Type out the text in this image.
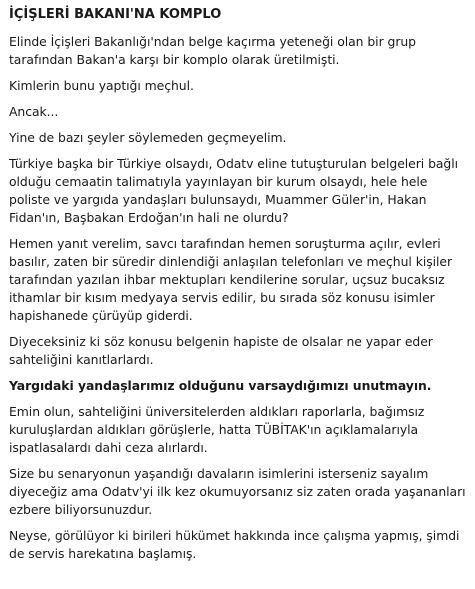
İÇİŞLERİ BAKANI'NA KOMPLO

Elinde İçişleri Bakanlığı'ndan belge kaçırma yeteneği olan bir grup
tarafından Bakan'a karşı bir komplo olarak üretilmişti.

Kimlerin bunu yaptığı meçhul.

Ancak...

Yine de bazı şeyler söylemeden geçmeyelim.

Türkiye başka bir Türkiye olsaydı, Odatv eline tutuşturulan belgeleri bağlı
olduğu cemaatin talimatıyla yayınlayan bir kurum olsaydı, hele hele
poliste ve yargıda yandaşları bulunsaydı, Muammer Güler'in, Hakan
Fidan'ın, Başbakan Erdoğan'ın hali ne olurdu?

Hemen yanıt verelim, savcı tarafından hemen soruşturma açılır, evleri
basılır, zaten bir süredir dinlendiği anlaşılan telefonları ve meçhul kişiler
tarafından yazılan ihbar mektupları kendilerine sorular, uçsuz bucaksız
ithamlar bir kısım medyaya servis edilir, bu sırada söz konusu isimler
hapishanede çürüyüp giderdi.

Diyeceksiniz ki söz konusu belgenin hapiste de olsalar ne yapar eder
sahteliğini kanıtlarlardı.

Yargıdaki yandaşlarımız olduğunu varsaydığımızı unutmayın.

Emin olun, sahteliğini üniversitelerden aldıkları raporlarla, bağımsız
kuruluşlardan aldıkları görüşlerle, hatta TÜBİTAK'ın açıklamalarıyla
ispatlasalardı dahi ceza alırlardı.

Size bu senaryonun yaşandığı davaların isimlerini isterseniz sayalım
diyeceğiz ama Odatv'yi ilk kez okumuyorsanız siz zaten orada yaşananları
ezbere biliyorsunuzdur.

Neyse, görülüyor ki birileri hükümet hakkında ince çalışma yapmış, şimdi
de servis harekatına başlamış.
